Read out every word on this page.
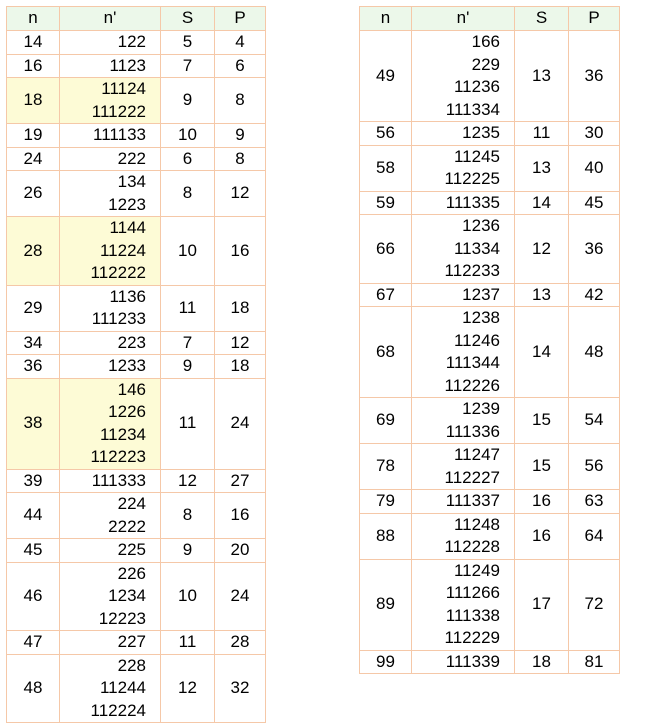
n	n'	S	P
14	122	5	4
16	1123	7	6
18	11124
111222	9	8
19	111133	10	9
24	222	6	8
26	134
1223	8	12
28	1144
11224
112222	10	16
29	1136
111233	11	18
34	223	7	12
36	1233	9	18
38	146
1226
11234
112223	11	24
39	111333	12	27
44	224
2222	8	16
45	225	9	20
46	226
1234
12223	10	24
47	227	11	28
48	228
11244
112224	12	32
n	n'	S	P
49	166
229
11236
111334	13	36
56	1235	11	30
58	11245
112225	13	40
59	111335	14	45
66	1236
11334
112233	12	36
67	1237	13	42
68	1238
11246
111344
112226	14	48
69	1239
111336	15	54
78	11247
112227	15	56
79	111337	16	63
88	11248
112228	16	64
89	11249
111266
111338
112229	17	72
99	111339	18	81
